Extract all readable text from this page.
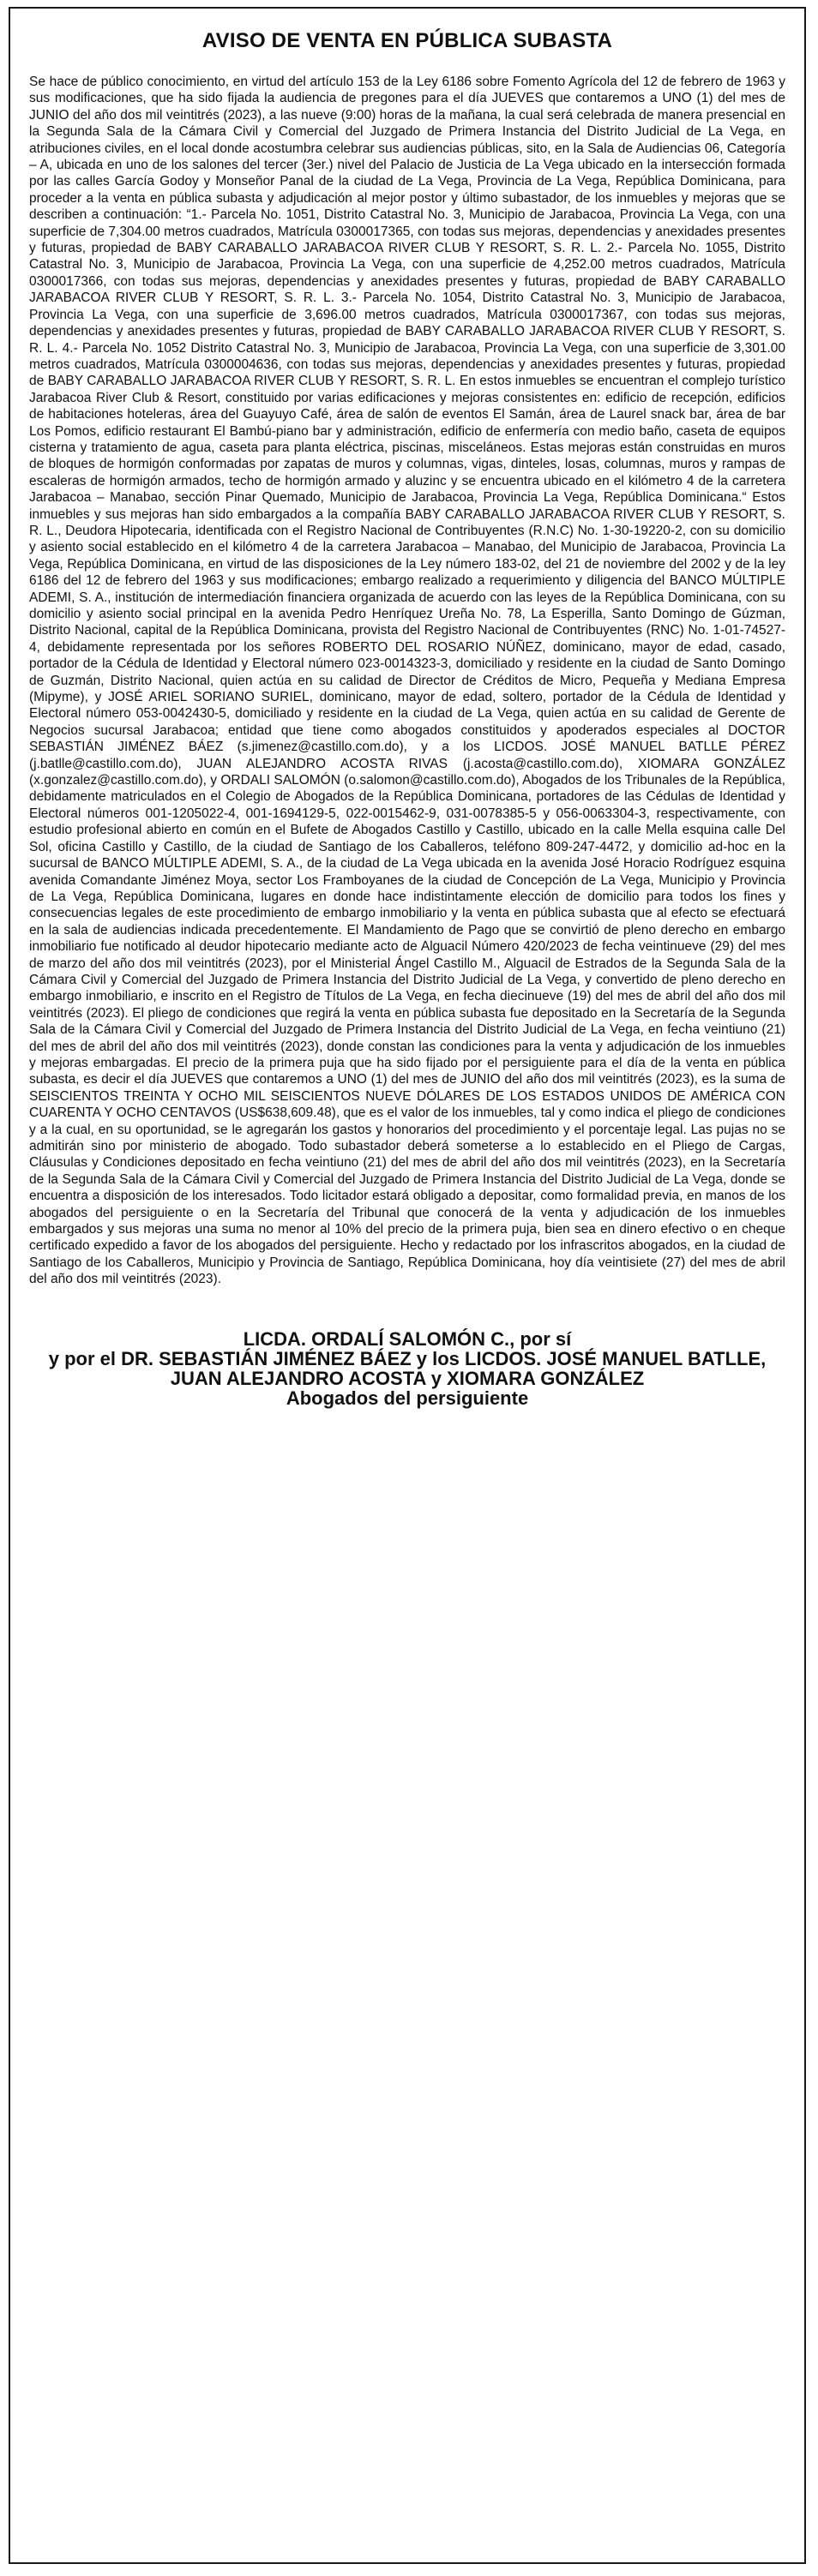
AVISO DE VENTA EN PÚBLICA SUBASTA

Se hace de público conocimiento, en virtud del artículo 153 de la Ley 6186 sobre Fomento Agrícola del 12 de febrero de 1963 y sus modificaciones, que ha sido fijada la audiencia de pregones para el día JUEVES que contaremos a UNO (1) del mes de JUNIO del año dos mil veintitrés (2023), a las nueve (9:00) horas de la mañana, la cual será celebrada de manera presencial en la Segunda Sala de la Cámara Civil y Comercial del Juzgado de Primera Instancia del Distrito Judicial de La Vega, en atribuciones civiles, en el local donde acostumbra celebrar sus audiencias públicas, sito, en la Sala de Audiencias 06, Categoría – A, ubicada en uno de los salones del tercer (3er.) nivel del Palacio de Justicia de La Vega ubicado en la intersección formada por las calles García Godoy y Monseñor Panal de la ciudad de La Vega, Provincia de La Vega, República Dominicana, para proceder a la venta en pública subasta y adjudicación al mejor postor y último subastador, de los inmuebles y mejoras que se describen a continuación: “1.- Parcela No. 1051, Distrito Catastral No. 3, Municipio de Jarabacoa, Provincia La Vega, con una superficie de 7,304.00 metros cuadrados, Matrícula 0300017365, con todas sus mejoras, dependencias y anexidades presentes y futuras, propiedad de BABY CARABALLO JARABACOA RIVER CLUB Y RESORT, S. R. L. 2.- Parcela No. 1055, Distrito Catastral No. 3, Municipio de Jarabacoa, Provincia La Vega, con una superficie de 4,252.00 metros cuadrados, Matrícula 0300017366, con todas sus mejoras, dependencias y anexidades presentes y futuras, propiedad de BABY CARABALLO JARABACOA RIVER CLUB Y RESORT, S. R. L. 3.- Parcela No. 1054, Distrito Catastral No. 3, Municipio de Jarabacoa, Provincia La Vega, con una superficie de 3,696.00 metros cuadrados, Matrícula 0300017367, con todas sus mejoras, dependencias y anexidades presentes y futuras, propiedad de BABY CARABALLO JARABACOA RIVER CLUB Y RESORT, S. R. L. 4.- Parcela No. 1052 Distrito Catastral No. 3, Municipio de Jarabacoa, Provincia La Vega, con una superficie de 3,301.00 metros cuadrados, Matrícula 0300004636, con todas sus mejoras, dependencias y anexidades presentes y futuras, propiedad de BABY CARABALLO JARABACOA RIVER CLUB Y RESORT, S. R. L. En estos inmuebles se encuentran el complejo turístico Jarabacoa River Club & Resort, constituido por varias edificaciones y mejoras consistentes en: edificio de recepción, edificios de habitaciones hoteleras, área del Guayuyo Café, área de salón de eventos El Samán, área de Laurel snack bar, área de bar Los Pomos, edificio restaurant El Bambú-piano bar y administración, edificio de enfermería con medio baño, caseta de equipos cisterna y tratamiento de agua, caseta para planta eléctrica, piscinas, misceláneos. Estas mejoras están construidas en muros de bloques de hormigón conformadas por zapatas de muros y columnas, vigas, dinteles, losas, columnas, muros y rampas de escaleras de hormigón armados, techo de hormigón armado y aluzinc y se encuentra ubicado en el kilómetro 4 de la carretera Jarabacoa – Manabao, sección Pinar Quemado, Municipio de Jarabacoa, Provincia La Vega, República Dominicana.“ Estos inmuebles y sus mejoras han sido embargados a la compañía BABY CARABALLO JARABACOA RIVER CLUB Y RESORT, S. R. L., Deudora Hipotecaria, identificada con el Registro Nacional de Contribuyentes (R.N.C) No. 1-30-19220-2, con su domicilio y asiento social establecido en el kilómetro 4 de la carretera Jarabacoa – Manabao, del Municipio de Jarabacoa, Provincia La Vega, República Dominicana, en virtud de las disposiciones de la Ley número 183-02, del 21 de noviembre del 2002 y de la ley 6186 del 12 de febrero del 1963 y sus modificaciones; embargo realizado a requerimiento y diligencia del BANCO MÚLTIPLE ADEMI, S. A., institución de intermediación financiera organizada de acuerdo con las leyes de la República Dominicana, con su domicilio y asiento social principal en la avenida Pedro Henríquez Ureña No. 78, La Esperilla, Santo Domingo de Gúzman, Distrito Nacional, capital de la República Dominicana, provista del Registro Nacional de Contribuyentes (RNC) No. 1-01-74527-4, debidamente representada por los señores ROBERTO DEL ROSARIO NÚÑEZ, dominicano, mayor de edad, casado, portador de la Cédula de Identidad y Electoral número 023-0014323-3, domiciliado y residente en la ciudad de Santo Domingo de Guzmán, Distrito Nacional, quien actúa en su calidad de Director de Créditos de Micro, Pequeña y Mediana Empresa (Mipyme), y JOSÉ ARIEL SORIANO SURIEL, dominicano, mayor de edad, soltero, portador de la Cédula de Identidad y Electoral número 053-0042430-5, domiciliado y residente en la ciudad de La Vega, quien actúa en su calidad de Gerente de Negocios sucursal Jarabacoa; entidad que tiene como abogados constituidos y apoderados especiales al DOCTOR SEBASTIÁN JIMÉNEZ BÁEZ (s.jimenez@castillo.com.do), y a los LICDOS. JOSÉ MANUEL BATLLE PÉREZ (j.batlle@castillo.com.do), JUAN ALEJANDRO ACOSTA RIVAS (j.acosta@castillo.com.do), XIOMARA GONZÁLEZ (x.gonzalez@castillo.com.do), y ORDALI SALOMÓN (o.salomon@castillo.com.do), Abogados de los Tribunales de la República, debidamente matriculados en el Colegio de Abogados de la República Dominicana, portadores de las Cédulas de Identidad y Electoral números 001-1205022-4, 001-1694129-5, 022-0015462-9, 031-0078385-5 y 056-0063304-3, respectivamente, con estudio profesional abierto en común en el Bufete de Abogados Castillo y Castillo, ubicado en la calle Mella esquina calle Del Sol, oficina Castillo y Castillo, de la ciudad de Santiago de los Caballeros, teléfono 809-247-4472, y domicilio ad-hoc en la sucursal de BANCO MÚLTIPLE ADEMI, S. A., de la ciudad de La Vega ubicada en la avenida José Horacio Rodríguez esquina avenida Comandante Jiménez Moya, sector Los Framboyanes de la ciudad de Concepción de La Vega, Municipio y Provincia de La Vega, República Dominicana, lugares en donde hace indistintamente elección de domicilio para todos los fines y consecuencias legales de este procedimiento de embargo inmobiliario y la venta en pública subasta que al efecto se efectuará en la sala de audiencias indicada precedentemente. El Mandamiento de Pago que se convirtió de pleno derecho en embargo inmobiliario fue notificado al deudor hipotecario mediante acto de Alguacil Número 420/2023 de fecha veintinueve (29) del mes de marzo del año dos mil veintitrés (2023), por el Ministerial Ángel Castillo M., Alguacil de Estrados de la Segunda Sala de la Cámara Civil y Comercial del Juzgado de Primera Instancia del Distrito Judicial de La Vega, y convertido de pleno derecho en embargo inmobiliario, e inscrito en el Registro de Títulos de La Vega, en fecha diecinueve (19) del mes de abril del año dos mil veintitrés (2023). El pliego de condiciones que regirá la venta en pública subasta fue depositado en la Secretaría de la Segunda Sala de la Cámara Civil y Comercial del Juzgado de Primera Instancia del Distrito Judicial de La Vega, en fecha veintiuno (21) del mes de abril del año dos mil veintitrés (2023), donde constan las condiciones para la venta y adjudicación de los inmuebles y mejoras embargadas. El precio de la primera puja que ha sido fijado por el persiguiente para el día de la venta en pública subasta, es decir el día JUEVES que contaremos a UNO (1) del mes de JUNIO del año dos mil veintitrés (2023), es la suma de SEISCIENTOS TREINTA Y OCHO MIL SEISCIENTOS NUEVE DÓLARES DE LOS ESTADOS UNIDOS DE AMÉRICA CON CUARENTA Y OCHO CENTAVOS (US$638,609.48), que es el valor de los inmuebles, tal y como indica el pliego de condiciones y a la cual, en su oportunidad, se le agregarán los gastos y honorarios del procedimiento y el porcentaje legal. Las pujas no se admitirán sino por ministerio de abogado. Todo subastador deberá someterse a lo establecido en el Pliego de Cargas, Cláusulas y Condiciones depositado en fecha veintiuno (21) del mes de abril del año dos mil veintitrés (2023), en la Secretaría de la Segunda Sala de la Cámara Civil y Comercial del Juzgado de Primera Instancia del Distrito Judicial de La Vega, donde se encuentra a disposición de los interesados. Todo licitador estará obligado a depositar, como formalidad previa, en manos de los abogados del persiguiente o en la Secretaría del Tribunal que conocerá de la venta y adjudicación de los inmuebles embargados y sus mejoras una suma no menor al 10% del precio de la primera puja, bien sea en dinero efectivo o en cheque certificado expedido a favor de los abogados del persiguiente. Hecho y redactado por los infrascritos abogados, en la ciudad de Santiago de los Caballeros, Municipio y Provincia de Santiago, República Dominicana, hoy día veintisiete (27) del mes de abril del año dos mil veintitrés (2023).

LICDA. ORDALÍ SALOMÓN C., por sí
y por el DR. SEBASTIÁN JIMÉNEZ BÁEZ y los LICDOS. JOSÉ MANUEL BATLLE,
JUAN ALEJANDRO ACOSTA y XIOMARA GONZÁLEZ
Abogados del persiguiente
